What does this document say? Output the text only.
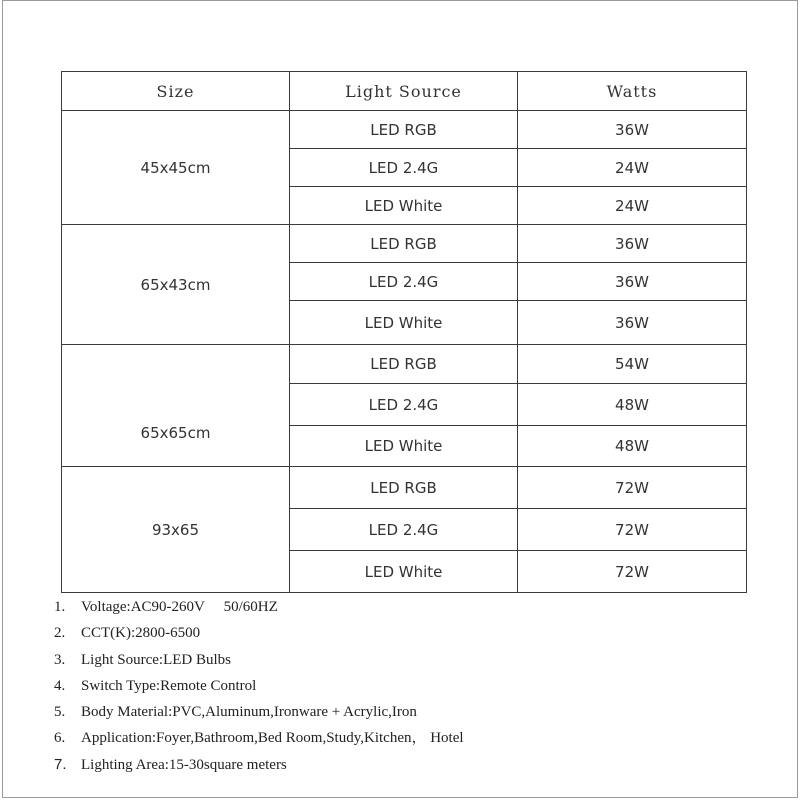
Size	Light Source	Watts
45x45cm	LED RGB	36W
	LED 2.4G	24W
	LED White	24W
65x43cm	LED RGB	36W
	LED 2.4G	36W
	LED White	36W
65x65cm	LED RGB	54W
	LED 2.4G	48W
	LED White	48W
93x65	LED RGB	72W
	LED 2.4G	72W
	LED White	72W
1. Voltage:AC90-260V     50/60HZ
2. CCT(K):2800-6500
3. Light Source:LED Bulbs
4. Switch Type:Remote Control
5. Body Material:PVC,Aluminum,Ironware + Acrylic,Iron
6. Application:Foyer,Bathroom,Bed Room,Study,Kitchen， Hotel
7. Lighting Area:15-30square meters
